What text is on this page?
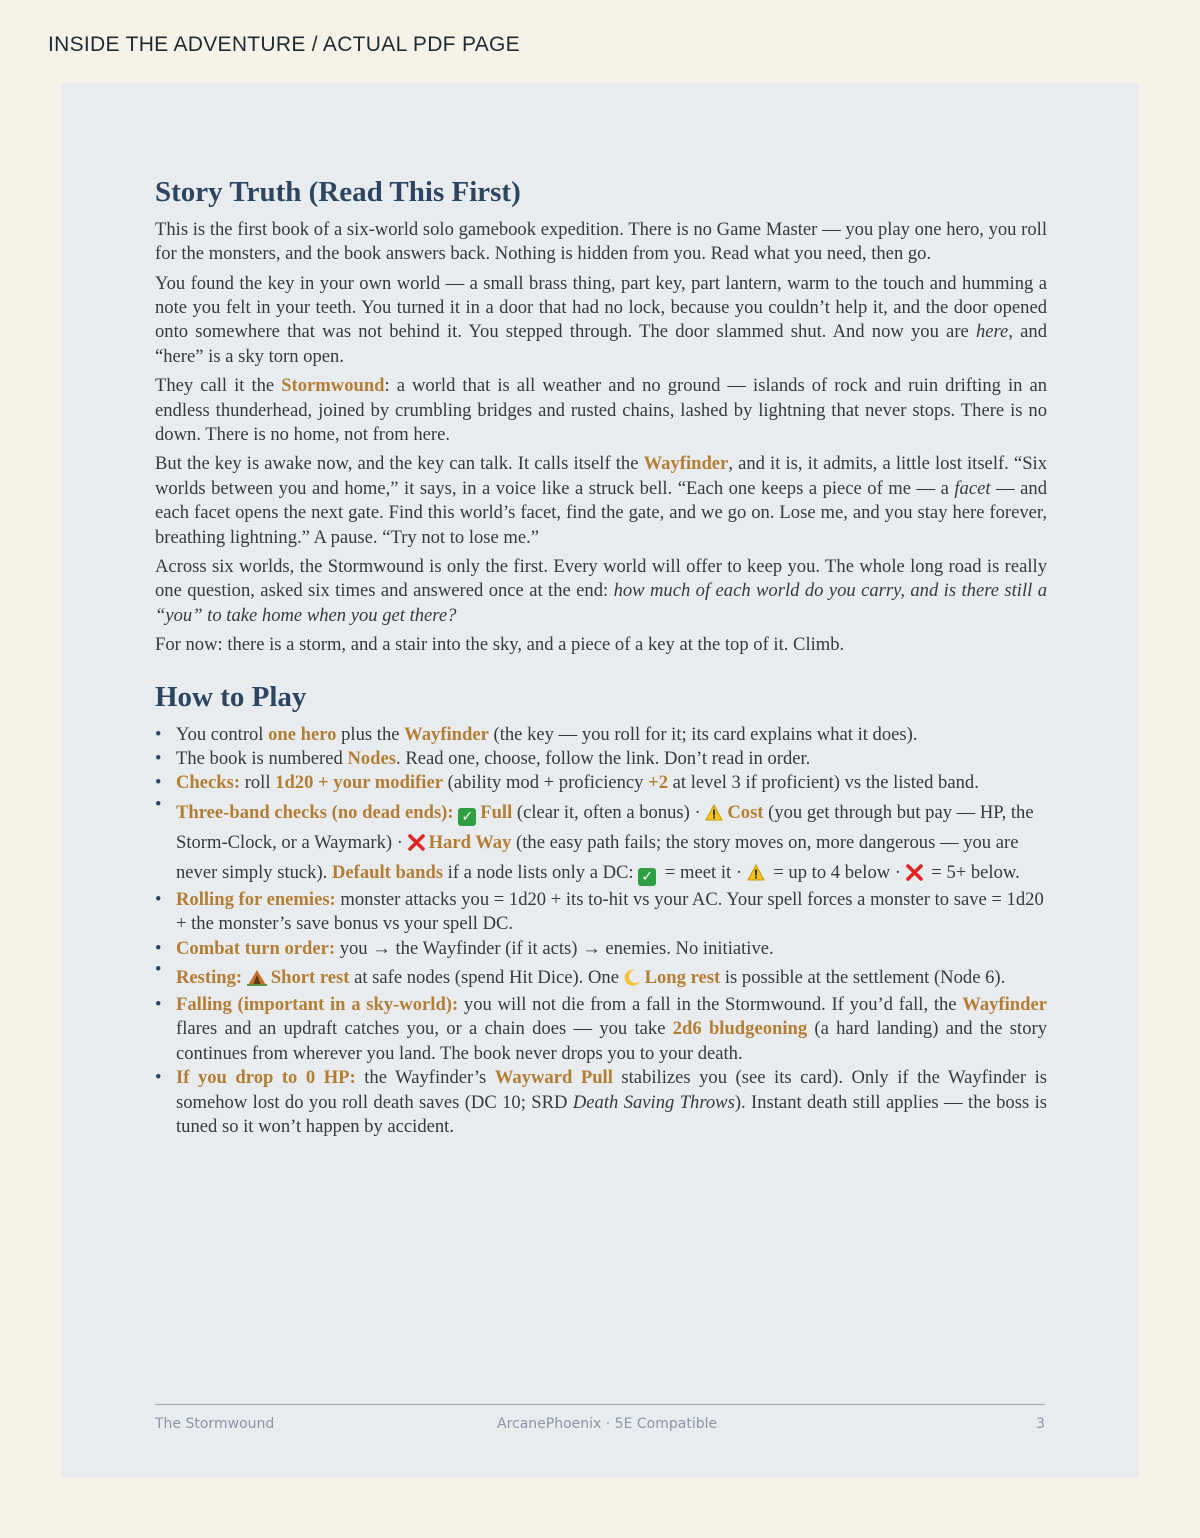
INSIDE THE ADVENTURE / ACTUAL PDF PAGE
Story Truth (Read This First)

This is the first book of a six-world solo gamebook expedition. There is no Game Master — you play one hero, you roll for the monsters, and the book answers back. Nothing is hidden from you. Read what you need, then go.

You found the key in your own world — a small brass thing, part key, part lantern, warm to the touch and humming a note you felt in your teeth. You turned it in a door that had no lock, because you couldn’t help it, and the door opened onto somewhere that was not behind it. You stepped through. The door slammed shut. And now you are here, and “here” is a sky torn open.

They call it the Stormwound: a world that is all weather and no ground — islands of rock and ruin drifting in an endless thunderhead, joined by crumbling bridges and rusted chains, lashed by lightning that never stops. There is no down. There is no home, not from here.

But the key is awake now, and the key can talk. It calls itself the Wayfinder, and it is, it admits, a little lost itself. “Six worlds between you and home,” it says, in a voice like a struck bell. “Each one keeps a piece of me — a facet — and each facet opens the next gate. Find this world’s facet, find the gate, and we go on. Lose me, and you stay here forever, breathing lightning.” A pause. “Try not to lose me.”

Across six worlds, the Stormwound is only the first. Every world will offer to keep you. The whole long road is really one question, asked six times and answered once at the end: how much of each world do you carry, and is there still a “you” to take home when you get there?

For now: there is a storm, and a stair into the sky, and a piece of a key at the top of it. Climb.

How to Play
• You control one hero plus the Wayfinder (the key — you roll for it; its card explains what it does).
• The book is numbered Nodes. Read one, choose, follow the link. Don’t read in order.
• Checks: roll 1d20 + your modifier (ability mod + proficiency +2 at level 3 if proficient) vs the listed band.
• Three-band checks (no dead ends): ✓ Full (clear it, often a bonus) · Cost (you get through but pay — HP, the Storm-Clock, or a Waymark) · Hard Way (the easy path fails; the story moves on, more dangerous — you are never simply stuck). Default bands if a node lists only a DC: ✓ = meet it ·  = up to 4 below ·  = 5+ below.
• Rolling for enemies: monster attacks you = 1d20 + its to-hit vs your AC. Your spell forces a monster to save = 1d20 + the monster’s save bonus vs your spell DC.
• Combat turn order: you → the Wayfinder (if it acts) → enemies. No initiative.
• Resting: Short rest at safe nodes (spend Hit Dice). One Long rest is possible at the settlement (Node 6).
• Falling (important in a sky-world): you will not die from a fall in the Stormwound. If you’d fall, the Wayfinder flares and an updraft catches you, or a chain does — you take 2d6 bludgeoning (a hard landing) and the story continues from wherever you land. The book never drops you to your death.
• If you drop to 0 HP: the Wayfinder’s Wayward Pull stabilizes you (see its card). Only if the Wayfinder is somehow lost do you roll death saves (DC 10; SRD Death Saving Throws). Instant death still applies — the boss is tuned so it won’t happen by accident.
The Stormwound	ArcanePhoenix · 5E Compatible	3
